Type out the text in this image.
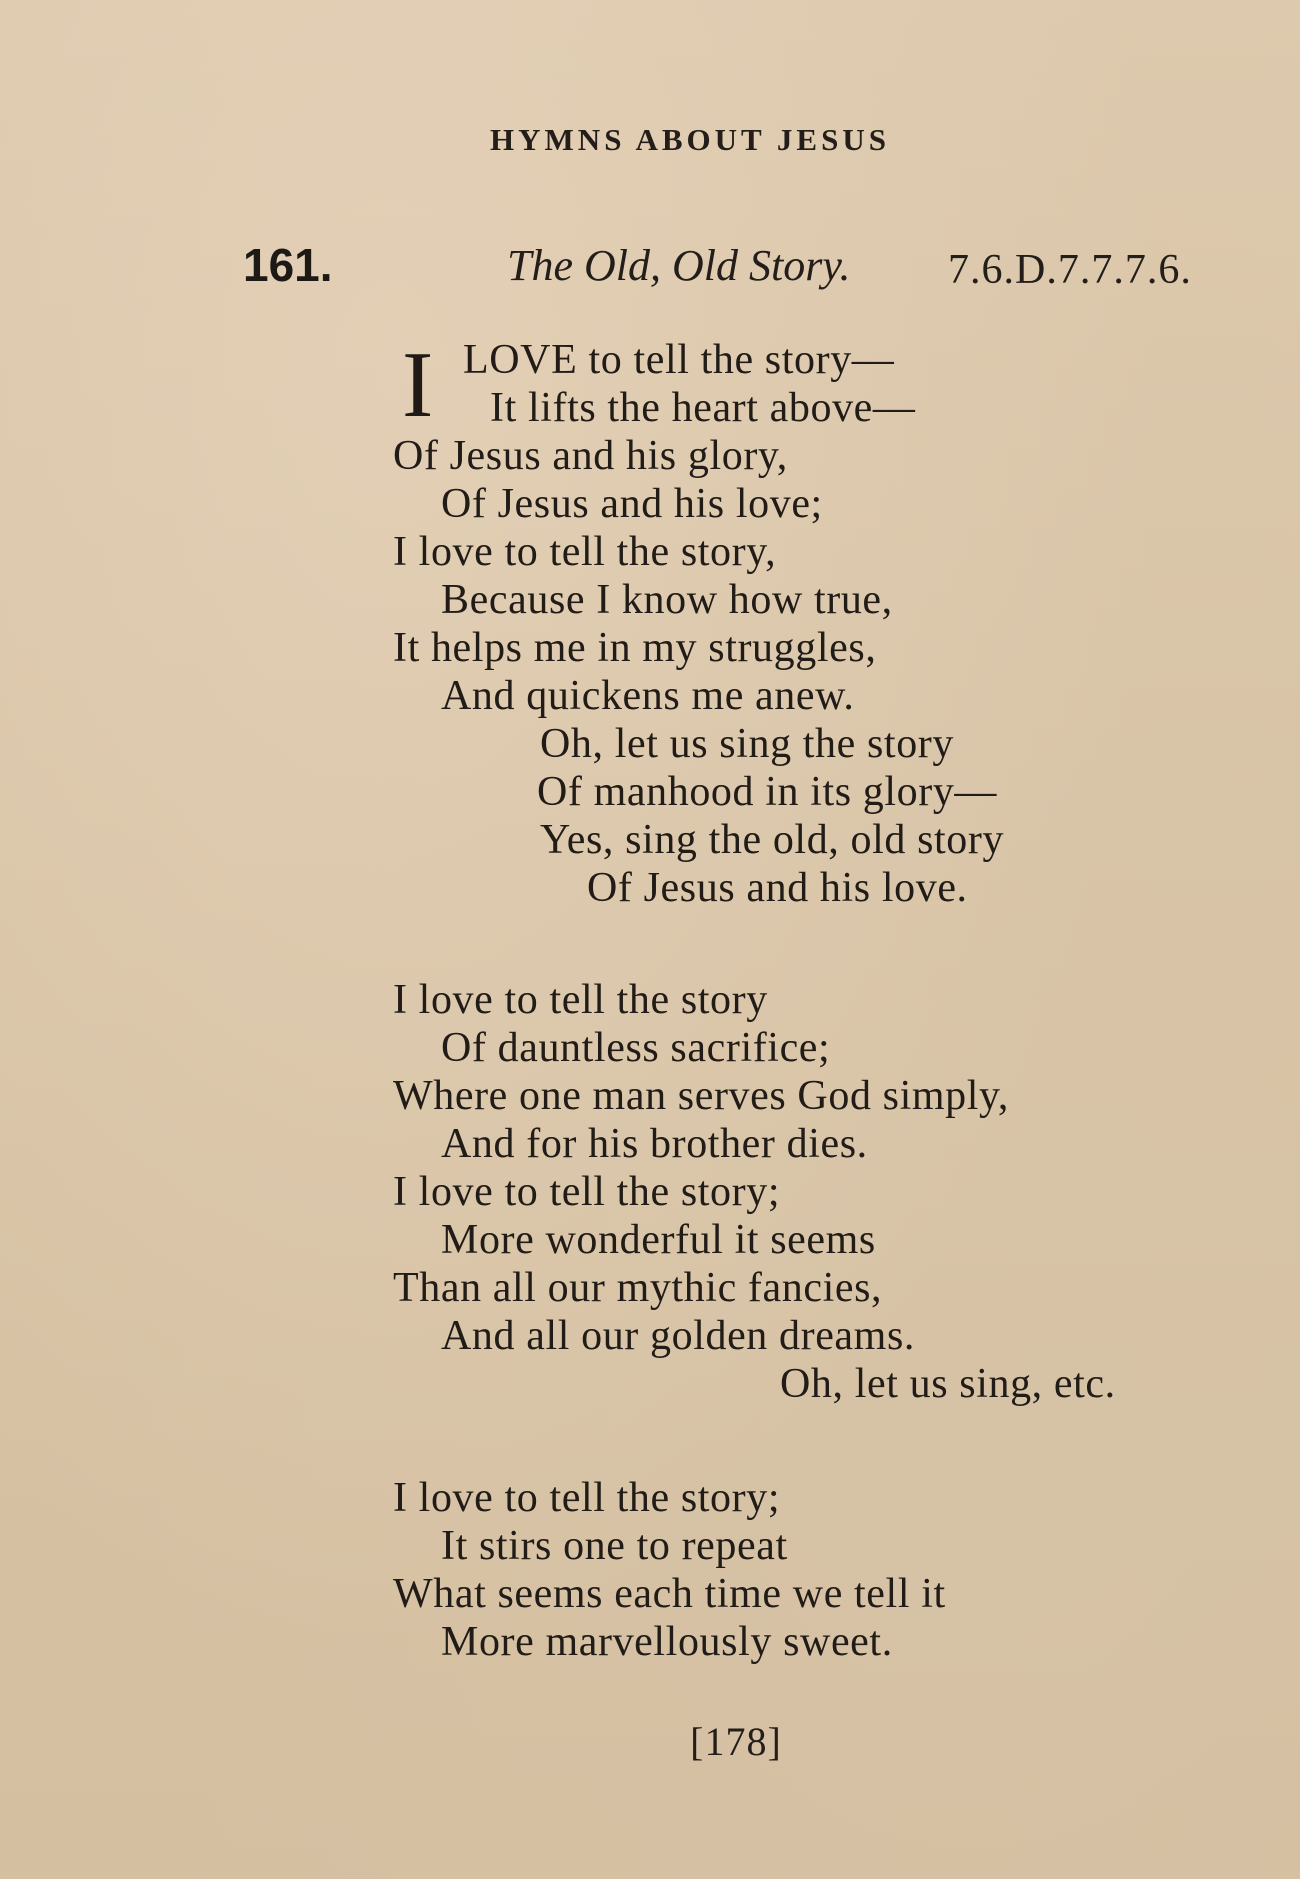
HYMNS ABOUT JESUS
161.	The Old, Old Story. 7.6.D.7.7.7.6.
I LOVE to tell the story—
It lifts the heart above—
Of Jesus and his glory,
Of Jesus and his love;
I love to tell the story,
Because I know how true,
It helps me in my struggles,
And quickens me anew.
Oh, let us sing the story
Of manhood in its glory—
Yes, sing the old, old story
Of Jesus and his love.
I love to tell the story
Of dauntless sacrifice;
Where one man serves God simply,
And for his brother dies.
I love to tell the story;
More wonderful it seems
Than all our mythic fancies,
And all our golden dreams.
Oh, let us sing, etc.
I love to tell the story;
It stirs one to repeat
What seems each time we tell it
More marvellously sweet.
[178]
